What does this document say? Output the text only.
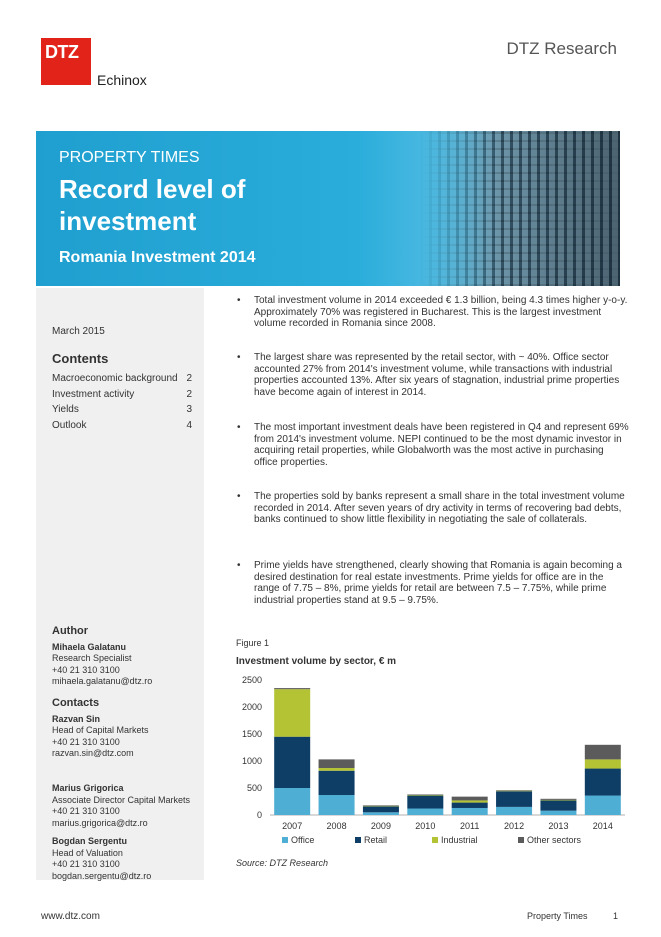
DTZ
Echinox
DTZ Research
PROPERTY TIMES
Record level of investment
Romania Investment 2014
March 2015
Contents
Macroeconomic background 2
Investment activity	2
Yields	3
Outlook	4
Author
Mihaela Galatanu
Research Specialist
+40 21 310 3100
mihaela.galatanu@dtz.ro
Contacts
Razvan Sin
Head of Capital Markets
+40 21 310 3100
razvan.sin@dtz.com
Marius Grigorica
Associate Director Capital Markets
+40 21 310 3100
marius.grigorica@dtz.ro
Bogdan Sergentu
Head of Valuation
+40 21 310 3100
bogdan.sergentu@dtz.ro
• Total investment volume in 2014 exceeded € 1.3 billion, being 4.3 times higher y-o-y. Approximately 70% was registered in Bucharest. This is the largest investment volume recorded in Romania since 2008.
• The largest share was represented by the retail sector, with ~ 40%. Office sector accounted 27% from 2014's investment volume, while transactions with industrial properties accounted 13%. After six years of stagnation, industrial prime properties have become again of interest in 2014.
• The most important investment deals have been registered in Q4 and represent 69% from 2014's investment volume. NEPI continued to be the most dynamic investor in acquiring retail properties, while Globalworth was the most active in purchasing office properties.
• The properties sold by banks represent a small share in the total investment volume recorded in 2014. After seven years of dry activity in terms of recovering bad debts, banks continued to show little flexibility in negotiating the sale of collaterals.
• Prime yields have strengthened, clearly showing that Romania is again becoming a desired destination for real estate investments. Prime yields for office are in the range of 7.75 – 8%, prime yields for retail are between 7.5 – 7.75%, while prime industrial properties stand at 9.5 – 9.75%.
Figure 1
Investment volume by sector, € m
0
500
1000
1500
2000
2500
2007	2008	2009	2010	2011	2012	2013	2014
Office	Retail	Industrial	Other sectors
Source: DTZ Research
www.dtz.com	Property Times	1
